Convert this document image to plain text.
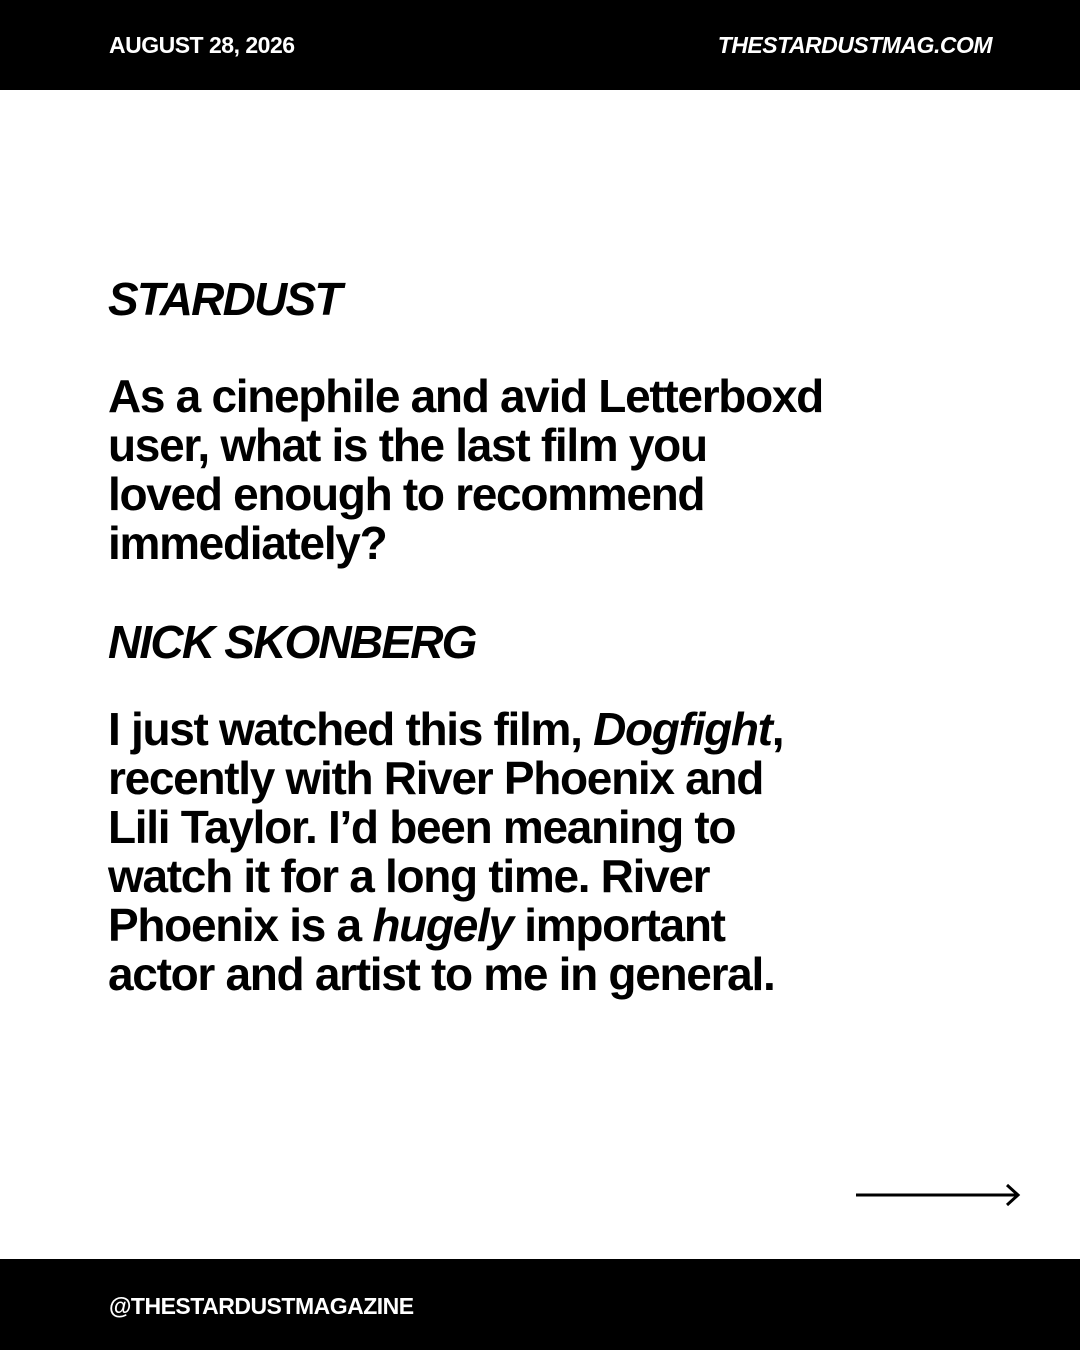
AUGUST 28, 2026	THESTARDUSTMAG.COM

STARDUST

As a cinephile and avid Letterboxd user, what is the last film you loved enough to recommend immediately?

NICK SKONBERG

I just watched this film, Dogfight, recently with River Phoenix and Lili Taylor. I’d been meaning to watch it for a long time. River Phoenix is a hugely important actor and artist to me in general.

@THESTARDUSTMAGAZINE
